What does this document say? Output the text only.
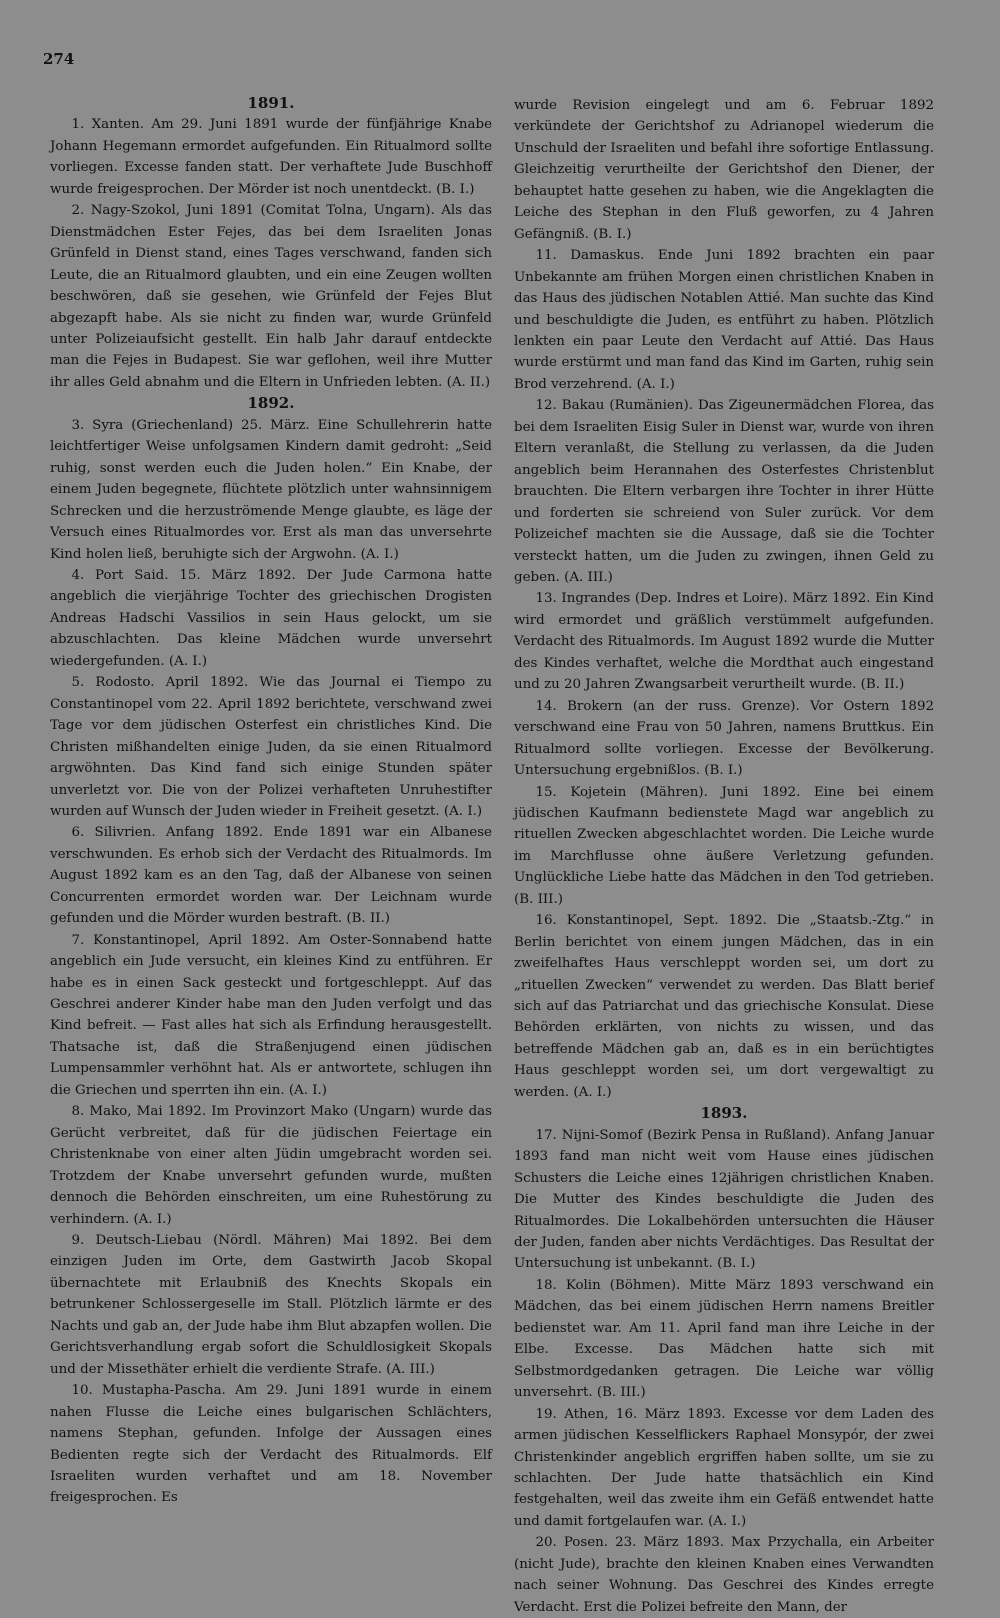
274

1891.

1. Xanten. Am 29. Juni 1891 wurde der fünfjährige Knabe Johann Hegemann ermordet aufgefunden. Ein Ritualmord sollte vorliegen. Excesse fanden statt. Der verhaftete Jude Buschhoff wurde freigesprochen. Der Mörder ist noch unentdeckt. (B. I.)

2. Nagy-Szokol, Juni 1891 (Comitat Tolna, Ungarn). Als das Dienstmädchen Ester Fejes, das bei dem Israeliten Jonas Grünfeld in Dienst stand, eines Tages verschwand, fanden sich Leute, die an Ritualmord glaubten, und ein eine Zeugen wollten beschwören, daß sie gesehen, wie Grünfeld der Fejes Blut abgezapft habe. Als sie nicht zu finden war, wurde Grünfeld unter Polizeiaufsicht gestellt. Ein halb Jahr darauf entdeckte man die Fejes in Budapest. Sie war geflohen, weil ihre Mutter ihr alles Geld abnahm und die Eltern in Unfrieden lebten. (A. II.)

1892.

3. Syra (Griechenland) 25. März. Eine Schullehrerin hatte leichtfertiger Weise unfolgsamen Kindern damit gedroht: „Seid ruhig, sonst werden euch die Juden holen.“ Ein Knabe, der einem Juden begegnete, flüchtete plötzlich unter wahnsinnigem Schrecken und die herzuströmende Menge glaubte, es läge der Versuch eines Ritualmordes vor. Erst als man das unversehrte Kind holen ließ, beruhigte sich der Argwohn. (A. I.)

4. Port Said. 15. März 1892. Der Jude Carmona hatte angeblich die vierjährige Tochter des griechischen Drogisten Andreas Hadschi Vassilios in sein Haus gelockt, um sie abzuschlachten. Das kleine Mädchen wurde unversehrt wiedergefunden. (A. I.)

5. Rodosto. April 1892. Wie das Journal ei Tiempo zu Constantinopel vom 22. April 1892 berichtete, verschwand zwei Tage vor dem jüdischen Osterfest ein christliches Kind. Die Christen mißhandelten einige Juden, da sie einen Ritualmord argwöhnten. Das Kind fand sich einige Stunden später unverletzt vor. Die von der Polizei verhafteten Unruhestifter wurden auf Wunsch der Juden wieder in Freiheit gesetzt. (A. I.)

6. Silivrien. Anfang 1892. Ende 1891 war ein Albanese verschwunden. Es erhob sich der Verdacht des Ritualmords. Im August 1892 kam es an den Tag, daß der Albanese von seinen Concurrenten ermordet worden war. Der Leichnam wurde gefunden und die Mörder wurden bestraft. (B. II.)

7. Konstantinopel, April 1892. Am Oster-Sonnabend hatte angeblich ein Jude versucht, ein kleines Kind zu entführen. Er habe es in einen Sack gesteckt und fortgeschleppt. Auf das Geschrei anderer Kinder habe man den Juden verfolgt und das Kind befreit. — Fast alles hat sich als Erfindung herausgestellt. Thatsache ist, daß die Straßenjugend einen jüdischen Lumpensammler verhöhnt hat. Als er antwortete, schlugen ihn die Griechen und sperrten ihn ein. (A. I.)

8. Mako, Mai 1892. Im Provinzort Mako (Ungarn) wurde das Gerücht verbreitet, daß für die jüdischen Feiertage ein Christenknabe von einer alten Jüdin umgebracht worden sei. Trotzdem der Knabe unversehrt gefunden wurde, mußten dennoch die Behörden einschreiten, um eine Ruhestörung zu verhindern. (A. I.)

9. Deutsch-Liebau (Nördl. Mähren) Mai 1892. Bei dem einzigen Juden im Orte, dem Gastwirth Jacob Skopal übernachtete mit Erlaubniß des Knechts Skopals ein betrunkener Schlossergeselle im Stall. Plötzlich lärmte er des Nachts und gab an, der Jude habe ihm Blut abzapfen wollen. Die Gerichtsverhandlung ergab sofort die Schuldlosigkeit Skopals und der Missethäter erhielt die verdiente Strafe. (A. III.)

10. Mustapha-Pascha. Am 29. Juni 1891 wurde in einem nahen Flusse die Leiche eines bulgarischen Schlächters, namens Stephan, gefunden. Infolge der Aussagen eines Bedienten regte sich der Verdacht des Ritualmords. Elf Israeliten wurden verhaftet und am 18. November freigesprochen. Es

wurde Revision eingelegt und am 6. Februar 1892 verkündete der Gerichtshof zu Adrianopel wiederum die Unschuld der Israeliten und befahl ihre sofortige Entlassung. Gleichzeitig verurtheilte der Gerichtshof den Diener, der behauptet hatte gesehen zu haben, wie die Angeklagten die Leiche des Stephan in den Fluß geworfen, zu 4 Jahren Gefängniß. (B. I.)

11. Damaskus. Ende Juni 1892 brachten ein paar Unbekannte am frühen Morgen einen christlichen Knaben in das Haus des jüdischen Notablen Attié. Man suchte das Kind und beschuldigte die Juden, es entführt zu haben. Plötzlich lenkten ein paar Leute den Verdacht auf Attié. Das Haus wurde erstürmt und man fand das Kind im Garten, ruhig sein Brod verzehrend. (A. I.)

12. Bakau (Rumänien). Das Zigeunermädchen Florea, das bei dem Israeliten Eisig Suler in Dienst war, wurde von ihren Eltern veranlaßt, die Stellung zu verlassen, da die Juden angeblich beim Herannahen des Osterfestes Christenblut brauchten. Die Eltern verbargen ihre Tochter in ihrer Hütte und forderten sie schreiend von Suler zurück. Vor dem Polizeichef machten sie die Aussage, daß sie die Tochter versteckt hatten, um die Juden zu zwingen, ihnen Geld zu geben. (A. III.)

13. Ingrandes (Dep. Indres et Loire). März 1892. Ein Kind wird ermordet und gräßlich verstümmelt aufgefunden. Verdacht des Ritualmords. Im August 1892 wurde die Mutter des Kindes verhaftet, welche die Mordthat auch eingestand und zu 20 Jahren Zwangsarbeit verurtheilt wurde. (B. II.)

14. Brokern (an der russ. Grenze). Vor Ostern 1892 verschwand eine Frau von 50 Jahren, namens Bruttkus. Ein Ritualmord sollte vorliegen. Excesse der Bevölkerung. Untersuchung ergebnißlos. (B. I.)

15. Kojetein (Mähren). Juni 1892. Eine bei einem jüdischen Kaufmann bedienstete Magd war angeblich zu rituellen Zwecken abgeschlachtet worden. Die Leiche wurde im Marchflusse ohne äußere Verletzung gefunden. Unglückliche Liebe hatte das Mädchen in den Tod getrieben. (B. III.)

16. Konstantinopel, Sept. 1892. Die „Staatsb.-Ztg.“ in Berlin berichtet von einem jungen Mädchen, das in ein zweifelhaftes Haus verschleppt worden sei, um dort zu „rituellen Zwecken“ verwendet zu werden. Das Blatt berief sich auf das Patriarchat und das griechische Konsulat. Diese Behörden erklärten, von nichts zu wissen, und das betreffende Mädchen gab an, daß es in ein berüchtigtes Haus geschleppt worden sei, um dort vergewaltigt zu werden. (A. I.)

1893.

17. Nijni-Somof (Bezirk Pensa in Rußland). Anfang Januar 1893 fand man nicht weit vom Hause eines jüdischen Schusters die Leiche eines 12jährigen christlichen Knaben. Die Mutter des Kindes beschuldigte die Juden des Ritualmordes. Die Lokalbehörden untersuchten die Häuser der Juden, fanden aber nichts Verdächtiges. Das Resultat der Untersuchung ist unbekannt. (B. I.)

18. Kolin (Böhmen). Mitte März 1893 verschwand ein Mädchen, das bei einem jüdischen Herrn namens Breitler bedienstet war. Am 11. April fand man ihre Leiche in der Elbe. Excesse. Das Mädchen hatte sich mit Selbstmordgedanken getragen. Die Leiche war völlig unversehrt. (B. III.)

19. Athen, 16. März 1893. Excesse vor dem Laden des armen jüdischen Kesselflickers Raphael Monsypór, der zwei Christenkinder angeblich ergriffen haben sollte, um sie zu schlachten. Der Jude hatte thatsächlich ein Kind festgehalten, weil das zweite ihm ein Gefäß entwendet hatte und damit fortgelaufen war. (A. I.)

20. Posen. 23. März 1893. Max Przychalla, ein Arbeiter (nicht Jude), brachte den kleinen Knaben eines Verwandten nach seiner Wohnung. Das Geschrei des Kindes erregte Verdacht. Erst die Polizei befreite den Mann, der
